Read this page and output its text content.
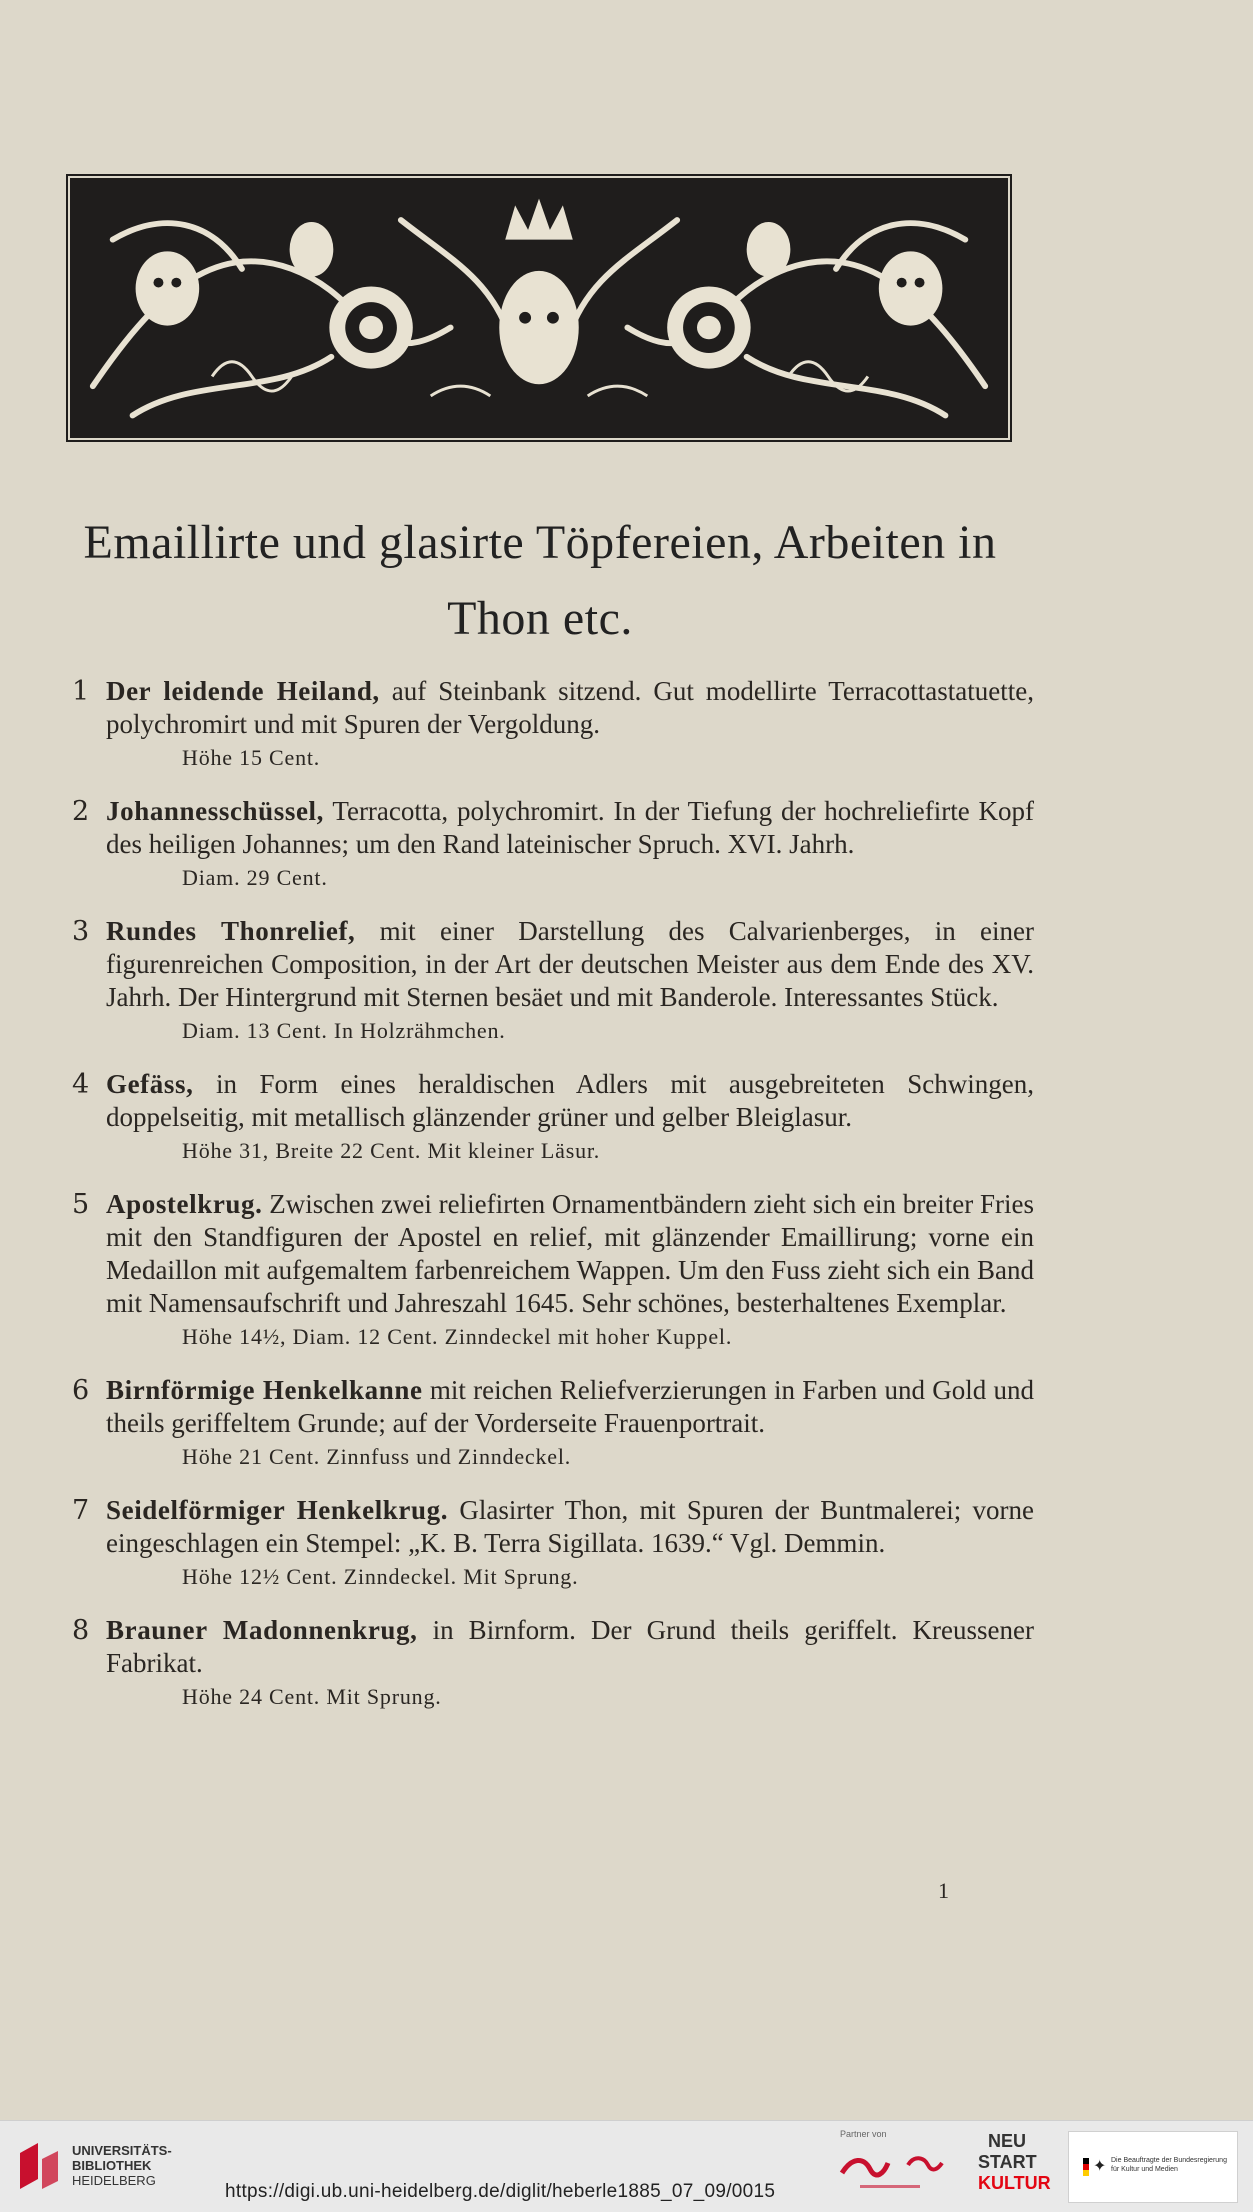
Emaillirte und glasirte Töpfereien, Arbeiten in
Thon etc.
1 Der leidende Heiland, auf Steinbank sitzend. Gut modellirte Terracottastatuette, polychromirt und mit Spuren der Vergoldung.
Höhe 15 Cent.
2 Johannesschüssel, Terracotta, polychromirt. In der Tiefung der hochreliefirte Kopf des heiligen Johannes; um den Rand lateinischer Spruch. XVI. Jahrh.
Diam. 29 Cent.
3 Rundes Thonrelief, mit einer Darstellung des Calvarienberges, in einer figurenreichen Composition, in der Art der deutschen Meister aus dem Ende des XV. Jahrh. Der Hintergrund mit Sternen besäet und mit Banderole. Interessantes Stück.
Diam. 13 Cent. In Holzrähmchen.
4 Gefäss, in Form eines heraldischen Adlers mit ausgebreiteten Schwingen, doppelseitig, mit metallisch glänzender grüner und gelber Bleiglasur.
Höhe 31, Breite 22 Cent. Mit kleiner Läsur.
5 Apostelkrug. Zwischen zwei reliefirten Ornamentbändern zieht sich ein breiter Fries mit den Standfiguren der Apostel en relief, mit glänzender Emaillirung; vorne ein Medaillon mit aufgemaltem farbenreichem Wappen. Um den Fuss zieht sich ein Band mit Namensaufschrift und Jahreszahl 1645. Sehr schönes, besterhaltenes Exemplar.
Höhe 14½, Diam. 12 Cent. Zinndeckel mit hoher Kuppel.
6 Birnförmige Henkelkanne mit reichen Reliefverzierungen in Farben und Gold und theils geriffeltem Grunde; auf der Vorderseite Frauenportrait.
Höhe 21 Cent. Zinnfuss und Zinndeckel.
7 Seidelförmiger Henkelkrug. Glasirter Thon, mit Spuren der Buntmalerei; vorne eingeschlagen ein Stempel: „K. B. Terra Sigillata. 1639.“ Vgl. Demmin.
Höhe 12½ Cent. Zinndeckel. Mit Sprung.
8 Brauner Madonnenkrug, in Birnform. Der Grund theils geriffelt. Kreussener Fabrikat.
Höhe 24 Cent. Mit Sprung.
1
UNIVERSITÄTS-
BIBLIOTHEK
HEIDELBERG
https://digi.ub.uni-heidelberg.de/diglit/heberle1885_07_09/0015
Partner von	NEU
START
KULTUR
✦ Die Beauftragte der Bundesregierung für Kultur und Medien
